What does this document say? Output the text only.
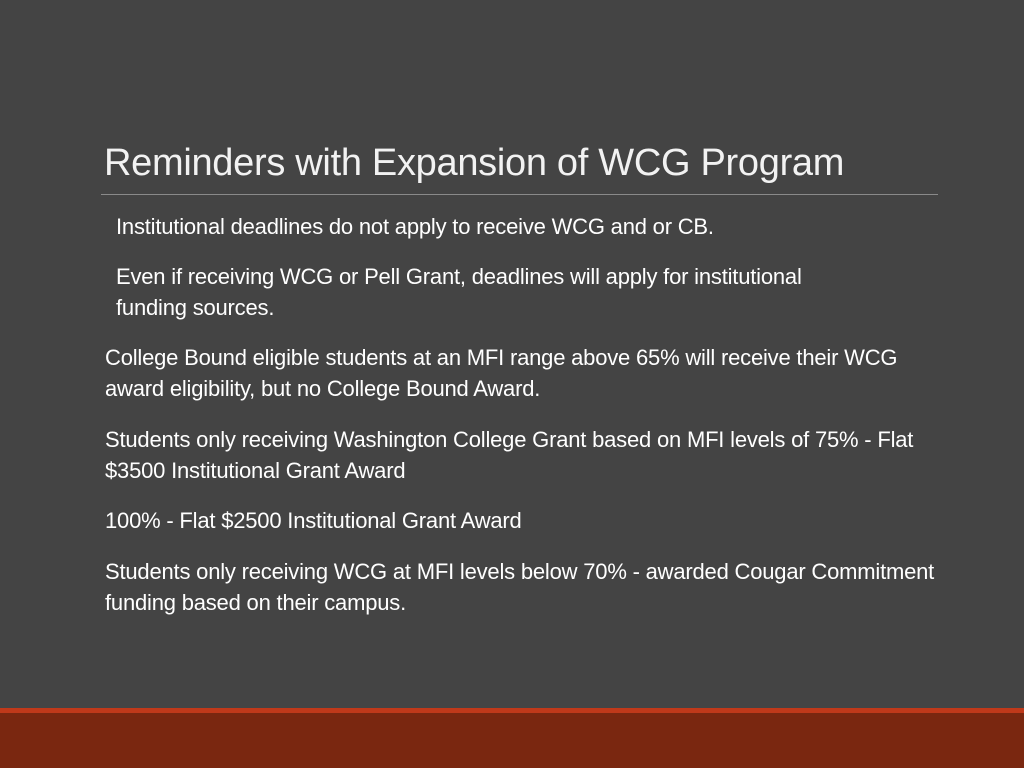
Reminders with Expansion of WCG Program

Institutional deadlines do not apply to receive WCG and or CB.

Even if receiving WCG or Pell Grant, deadlines will apply for institutional funding sources.

College Bound eligible students at an MFI range above 65% will receive their WCG award eligibility, but no College Bound Award.

Students only receiving Washington College Grant based on MFI levels of 75% - Flat $3500 Institutional Grant Award

100% - Flat $2500 Institutional Grant Award

Students only receiving WCG at MFI levels below 70% - awarded Cougar Commitment funding based on their campus.
